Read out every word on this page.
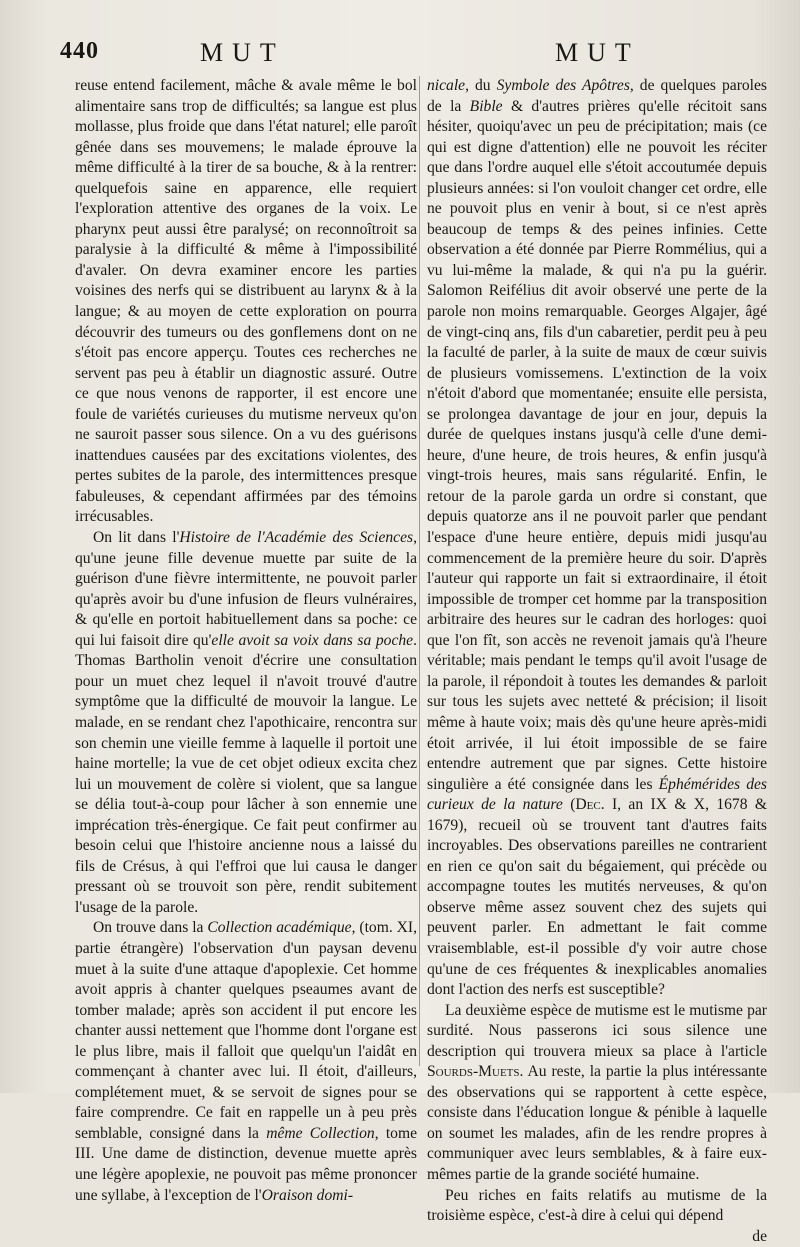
440	MUT	MUT

reuse entend facilement, mâche & avale même le bol alimentaire sans trop de difficultés; sa langue est plus mollasse, plus froide que dans l'état naturel; elle paroît gênée dans ses mouvemens; le malade éprouve la même difficulté à la tirer de sa bouche, & à la rentrer: quelquefois saine en apparence, elle requiert l'exploration attentive des organes de la voix. Le pharynx peut aussi être paralysé; on reconnoîtroit sa paralysie à la difficulté & même à l'impossibilité d'avaler. On devra examiner encore les parties voisines des nerfs qui se distribuent au larynx & à la langue; & au moyen de cette exploration on pourra découvrir des tumeurs ou des gonflemens dont on ne s'étoit pas encore apperçu. Toutes ces recherches ne servent pas peu à établir un diagnostic assuré. Outre ce que nous venons de rapporter, il est encore une foule de variétés curieuses du mutisme nerveux qu'on ne sauroit passer sous silence. On a vu des guérisons inattendues causées par des excitations violentes, des pertes subites de la parole, des intermittences presque fabuleuses, & cependant affirmées par des témoins irrécusables.

On lit dans l'Histoire de l'Académie des Sciences, qu'une jeune fille devenue muette par suite de la guérison d'une fièvre intermittente, ne pouvoit parler qu'après avoir bu d'une infusion de fleurs vulnéraires, & qu'elle en portoit habituellement dans sa poche: ce qui lui faisoit dire qu'elle avoit sa voix dans sa poche. Thomas Bartholin venoit d'écrire une consultation pour un muet chez lequel il n'avoit trouvé d'autre symptôme que la difficulté de mouvoir la langue. Le malade, en se rendant chez l'apothicaire, rencontra sur son chemin une vieille femme à laquelle il portoit une haine mortelle; la vue de cet objet odieux excita chez lui un mouvement de colère si violent, que sa langue se délia tout-à-coup pour lâcher à son ennemie une imprécation très-énergique. Ce fait peut confirmer au besoin celui que l'histoire ancienne nous a laissé du fils de Crésus, à qui l'effroi que lui causa le danger pressant où se trouvoit son père, rendit subitement l'usage de la parole.

On trouve dans la Collection académique, (tom. XI, partie étrangère) l'observation d'un paysan devenu muet à la suite d'une attaque d'apoplexie. Cet homme avoit appris à chanter quelques pseaumes avant de tomber malade; après son accident il put encore les chanter aussi nettement que l'homme dont l'organe est le plus libre, mais il falloit que quelqu'un l'aidât en commençant à chanter avec lui. Il étoit, d'ailleurs, complétement muet, & se servoit de signes pour se faire comprendre. Ce fait en rappelle un à peu près semblable, consigné dans la même Collection, tome III. Une dame de distinction, devenue muette après une légère apoplexie, ne pouvoit pas même prononcer une syllabe, à l'exception de l'Oraison domi-

nicale, du Symbole des Apôtres, de quelques paroles de la Bible & d'autres prières qu'elle récitoit sans hésiter, quoiqu'avec un peu de précipitation; mais (ce qui est digne d'attention) elle ne pouvoit les réciter que dans l'ordre auquel elle s'étoit accoutumée depuis plusieurs années: si l'on vouloit changer cet ordre, elle ne pouvoit plus en venir à bout, si ce n'est après beaucoup de temps & des peines infinies. Cette observation a été donnée par Pierre Rommélius, qui a vu lui-même la malade, & qui n'a pu la guérir. Salomon Reifélius dit avoir observé une perte de la parole non moins remarquable. Georges Algajer, âgé de vingt-cinq ans, fils d'un cabaretier, perdit peu à peu la faculté de parler, à la suite de maux de cœur suivis de plusieurs vomissemens. L'extinction de la voix n'étoit d'abord que momentanée; ensuite elle persista, se prolongea davantage de jour en jour, depuis la durée de quelques instans jusqu'à celle d'une demi-heure, d'une heure, de trois heures, & enfin jusqu'à vingt-trois heures, mais sans régularité. Enfin, le retour de la parole garda un ordre si constant, que depuis quatorze ans il ne pouvoit parler que pendant l'espace d'une heure entière, depuis midi jusqu'au commencement de la première heure du soir. D'après l'auteur qui rapporte un fait si extraordinaire, il étoit impossible de tromper cet homme par la transposition arbitraire des heures sur le cadran des horloges: quoi que l'on fît, son accès ne revenoit jamais qu'à l'heure véritable; mais pendant le temps qu'il avoit l'usage de la parole, il répondoit à toutes les demandes & parloit sur tous les sujets avec netteté & précision; il lisoit même à haute voix; mais dès qu'une heure après-midi étoit arrivée, il lui étoit impossible de se faire entendre autrement que par signes. Cette histoire singulière a été consignée dans les Éphémérides des curieux de la nature (Dec. I, an IX & X, 1678 & 1679), recueil où se trouvent tant d'autres faits incroyables. Des observations pareilles ne contrarient en rien ce qu'on sait du bégaiement, qui précède ou accompagne toutes les mutités nerveuses, & qu'on observe même assez souvent chez des sujets qui peuvent parler. En admettant le fait comme vraisemblable, est-il possible d'y voir autre chose qu'une de ces fréquentes & inexplicables anomalies dont l'action des nerfs est susceptible?

La deuxième espèce de mutisme est le mutisme par surdité. Nous passerons ici sous silence une description qui trouvera mieux sa place à l'article Sourds-Muets. Au reste, la partie la plus intéressante des observations qui se rapportent à cette espèce, consiste dans l'éducation longue & pénible à laquelle on soumet les malades, afin de les rendre propres à communiquer avec leurs semblables, & à faire eux-mêmes partie de la grande société humaine.

Peu riches en faits relatifs au mutisme de la troisième espèce, c'est-à dire à celui qui dépend

de
